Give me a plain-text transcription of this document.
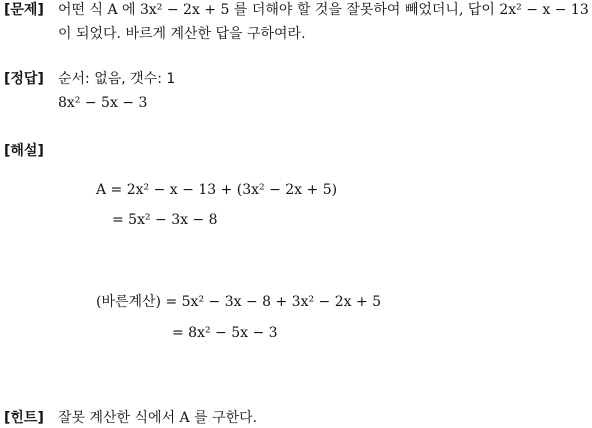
[문제] 어떤 식 A 에 3x² − 2x + 5 를 더해야 할 것을 잘못하여 빼었더니, 답이 2x² − x − 13
이 되었다. 바르게 계산한 답을 구하여라.
[정답] 순서: 없음, 갯수: 1
8x² − 5x − 3
[해설]
A = 2x² − x − 13 + (3x² − 2x + 5)
= 5x² − 3x − 8
(바른계산) = 5x² − 3x − 8 + 3x² − 2x + 5
= 8x² − 5x − 3
[힌트] 잘못 계산한 식에서 A 를 구한다.
